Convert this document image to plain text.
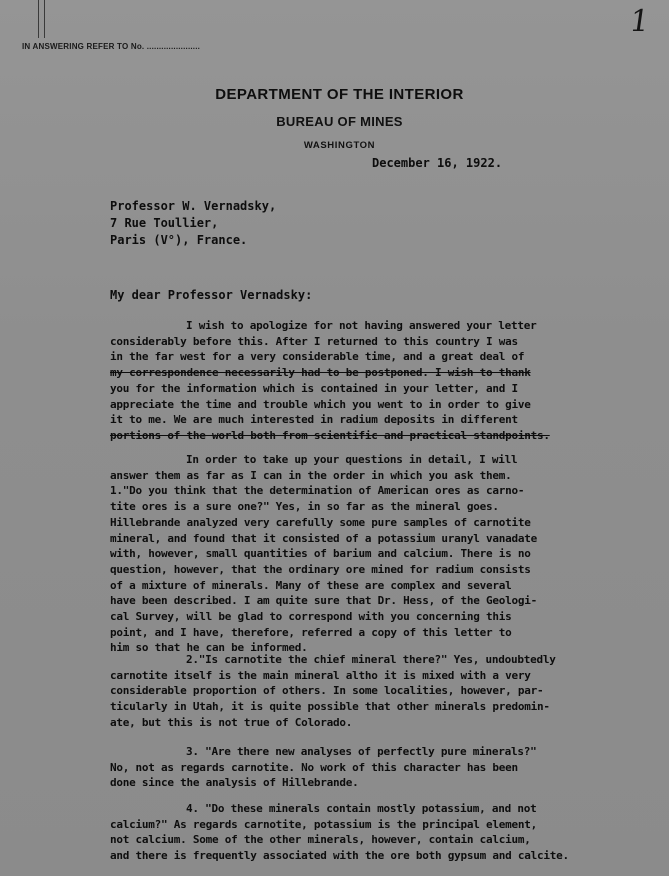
1
IN ANSWERING REFER TO No. ......................
DEPARTMENT OF THE INTERIOR
BUREAU OF MINES
WASHINGTON
December 16, 1922.
Professor W. Vernadsky,
7 Rue Toullier,
Paris (V°), France.
My dear Professor Vernadsky:
I wish to apologize for not having answered your letter
considerably before this. After I returned to this country I was
in the far west for a very considerable time, and a great deal of
my correspondence necessarily had to be postponed. I wish to thank
you for the information which is contained in your letter, and I
appreciate the time and trouble which you went to in order to give
it to me. We are much interested in radium deposits in different
portions of the world both from scientific and practical standpoints.
In order to take up your questions in detail, I will
answer them as far as I can in the order in which you ask them.
1."Do you think that the determination of American ores as carno-
tite ores is a sure one?" Yes, in so far as the mineral goes.
Hillebrande analyzed very carefully some pure samples of carnotite
mineral, and found that it consisted of a potassium uranyl vanadate
with, however, small quantities of barium and calcium. There is no
question, however, that the ordinary ore mined for radium consists
of a mixture of minerals. Many of these are complex and several
have been described. I am quite sure that Dr. Hess, of the Geologi-
cal Survey, will be glad to correspond with you concerning this
point, and I have, therefore, referred a copy of this letter to
him so that he can be informed.
2."Is carnotite the chief mineral there?" Yes, undoubtedly
carnotite itself is the main mineral altho it is mixed with a very
considerable proportion of others. In some localities, however, par-
ticularly in Utah, it is quite possible that other minerals predomin-
ate, but this is not true of Colorado.
3. "Are there new analyses of perfectly pure minerals?"
No, not as regards carnotite. No work of this character has been
done since the analysis of Hillebrande.
4. "Do these minerals contain mostly potassium, and not
calcium?" As regards carnotite, potassium is the principal element,
not calcium. Some of the other minerals, however, contain calcium,
and there is frequently associated with the ore both gypsum and calcite.
